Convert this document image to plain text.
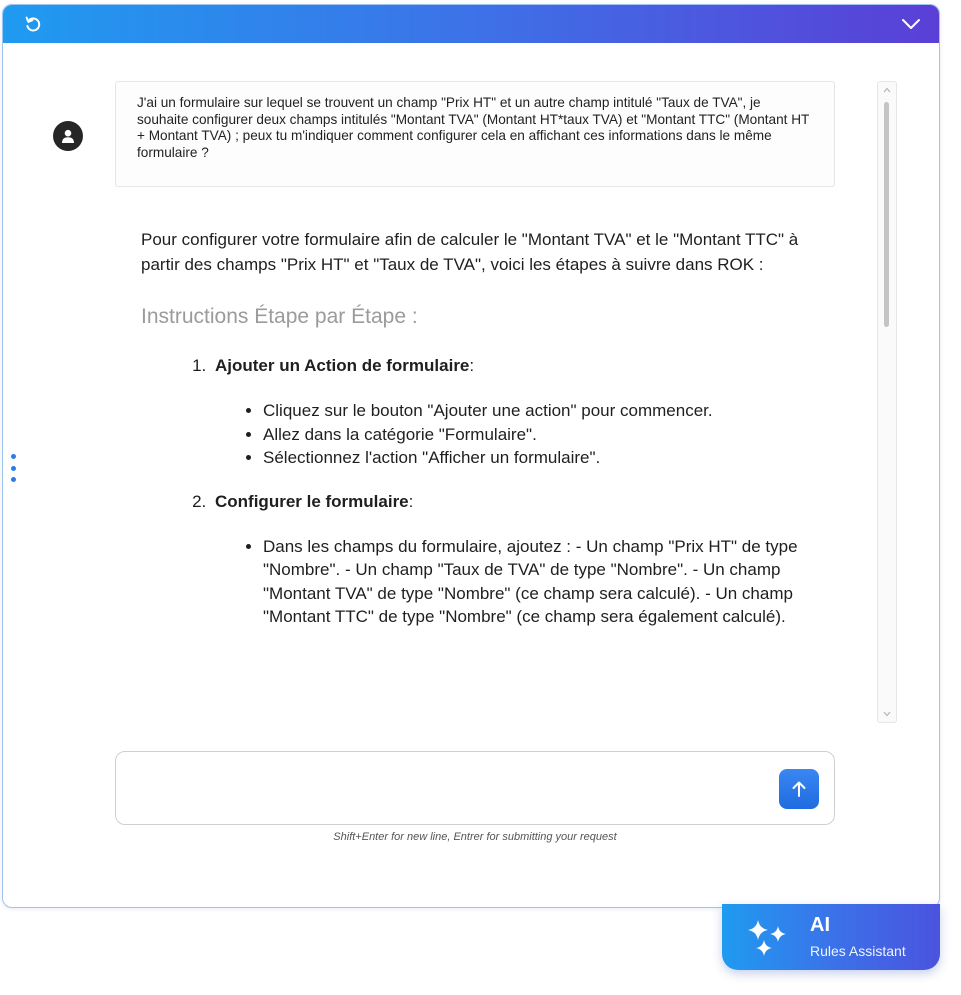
J'ai un formulaire sur lequel se trouvent un champ "Prix HT" et un autre champ intitulé "Taux de TVA", je souhaite configurer deux champs intitulés "Montant TVA" (Montant HT*taux TVA) et "Montant TTC" (Montant HT + Montant TVA) ; peux tu m'indiquer comment configurer cela en affichant ces informations dans le même formulaire ?

Pour configurer votre formulaire afin de calculer le "Montant TVA" et le "Montant TTC" à partir des champs "Prix HT" et "Taux de TVA", voici les étapes à suivre dans ROK :

Instructions Étape par Étape :
1. Ajouter un Action de formulaire:
• Cliquez sur le bouton "Ajouter une action" pour commencer.
• Allez dans la catégorie "Formulaire".
• Sélectionnez l'action "Afficher un formulaire".
2. Configurer le formulaire:
• Dans les champs du formulaire, ajoutez : - Un champ "Prix HT" de type "Nombre". - Un champ "Taux de TVA" de type "Nombre". - Un champ "Montant TVA" de type "Nombre" (ce champ sera calculé). - Un champ "Montant TTC" de type "Nombre" (ce champ sera également calculé).
Shift+Enter for new line, Entrer for submitting your request
AI
Rules Assistant
